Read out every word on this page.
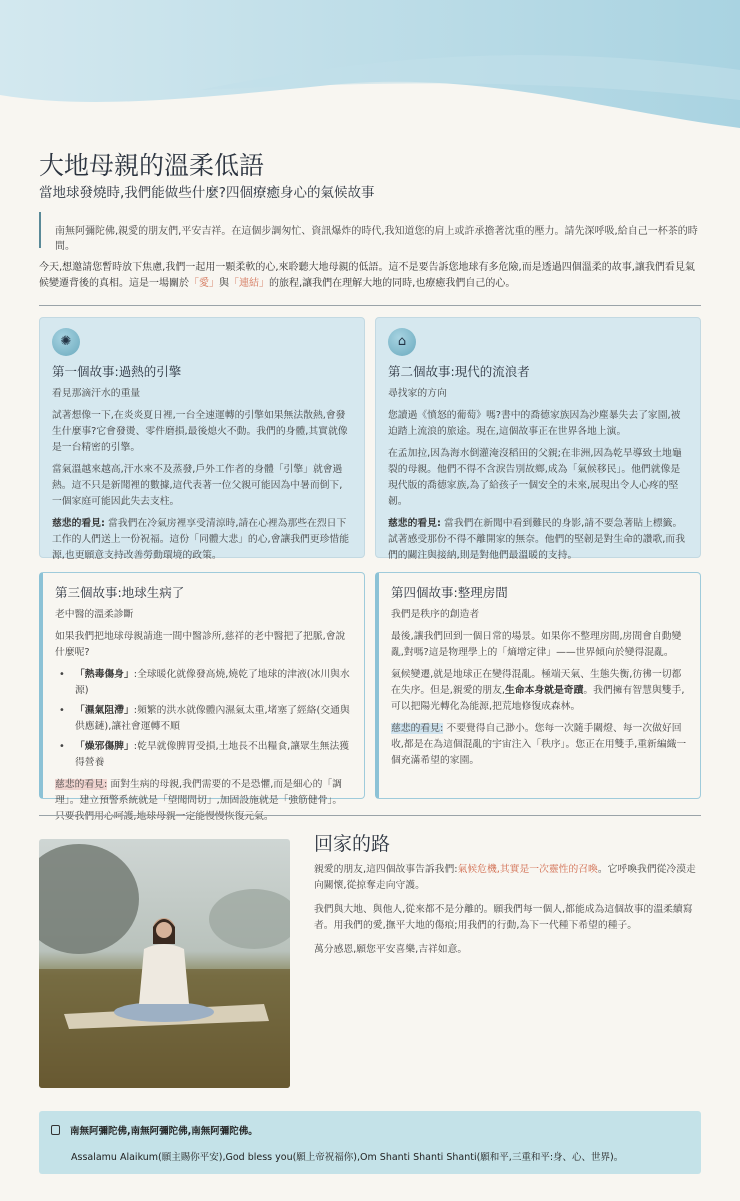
大地母親的溫柔低語
當地球發燒時,我們能做些什麼?四個療癒身心的氣候故事
南無阿彌陀佛,親愛的朋友們,平安吉祥。在這個步調匆忙、資訊爆炸的時代,我知道您的肩上或許承擔著沈重的壓力。請先深呼吸,給自己一杯茶的時間。

今天,想邀請您暫時放下焦慮,我們一起用一顆柔軟的心,來聆聽大地母親的低語。這不是要告訴您地球有多危險,而是透過四個溫柔的故事,讓我們看見氣候變遷背後的真相。這是一場關於「愛」與「連結」的旅程,讓我們在理解大地的同時,也療癒我們自己的心。

✺
第一個故事:過熱的引擎
看見那滴汗水的重量

試著想像一下,在炎炎夏日裡,一台全速運轉的引擎如果無法散熱,會發生什麼事?它會發燙、零件磨損,最後熄火不動。我們的身體,其實就像是一台精密的引擎。

當氣溫越來越高,汗水來不及蒸發,戶外工作者的身體「引擎」就會過熱。這不只是新聞裡的數據,這代表著一位父親可能因為中暑而倒下,一個家庭可能因此失去支柱。

慈悲的看見: 當我們在冷氣房裡享受清涼時,請在心裡為那些在烈日下工作的人們送上一份祝福。這份「同體大悲」的心,會讓我們更珍惜能源,也更願意支持改善勞動環境的政策。

⌂
第二個故事:現代的流浪者
尋找家的方向

您讀過《憤怒的葡萄》嗎?書中的喬德家族因為沙塵暴失去了家園,被迫踏上流浪的旅途。現在,這個故事正在世界各地上演。

在孟加拉,因為海水倒灌淹沒稻田的父親;在非洲,因為乾旱導致土地龜裂的母親。他們不得不含淚告別故鄉,成為「氣候移民」。他們就像是現代版的喬德家族,為了給孩子一個安全的未來,展現出令人心疼的堅韌。

慈悲的看見: 當我們在新聞中看到難民的身影,請不要急著貼上標籤。試著感受那份不得不離開家的無奈。他們的堅韌是對生命的讚歌,而我們的關注與接納,則是對他們最溫暖的支持。

第三個故事:地球生病了
老中醫的溫柔診斷

如果我們把地球母親請進一間中醫診所,慈祥的老中醫把了把脈,會說什麼呢?

• 「熱毒傷身」:全球暖化就像發高燒,燒乾了地球的津液(冰川與水源)
• 「濕氣阻滯」:頻繁的洪水就像體內濕氣太重,堵塞了經絡(交通與供應鏈),讓社會運轉不順
• 「燥邪傷脾」:乾旱就像脾胃受損,土地長不出糧食,讓眾生無法獲得營養

慈悲的看見: 面對生病的母親,我們需要的不是恐懼,而是細心的「調理」。建立預警系統就是「望聞問切」,加固設施就是「強筋健骨」。只要我們用心呵護,地球母親一定能慢慢恢復元氣。

第四個故事:整理房間
我們是秩序的創造者

最後,讓我們回到一個日常的場景。如果你不整理房間,房間會自動變亂,對嗎?這是物理學上的「熵增定律」——世界傾向於變得混亂。

氣候變遷,就是地球正在變得混亂。極端天氣、生態失衡,彷彿一切都在失序。但是,親愛的朋友,生命本身就是奇蹟。我們擁有智慧與雙手,可以把陽光轉化為能源,把荒地修復成森林。

慈悲的看見: 不要覺得自己渺小。您每一次隨手關燈、每一次做好回收,都是在為這個混亂的宇宙注入「秩序」。您正在用雙手,重新編織一個充滿希望的家園。

回家的路

親愛的朋友,這四個故事告訴我們:氣候危機,其實是一次靈性的召喚。它呼喚我們從冷漠走向關懷,從掠奪走向守護。

我們與大地、與他人,從來都不是分離的。願我們每一個人,都能成為這個故事的溫柔續寫者。用我們的愛,撫平大地的傷痕;用我們的行動,為下一代種下希望的種子。

萬分感恩,願您平安喜樂,吉祥如意。

南無阿彌陀佛,南無阿彌陀佛,南無阿彌陀佛。
Assalamu Alaikum(願主賜你平安),God bless you(願上帝祝福你),Om Shanti Shanti Shanti(願和平,三重和平:身、心、世界)。
